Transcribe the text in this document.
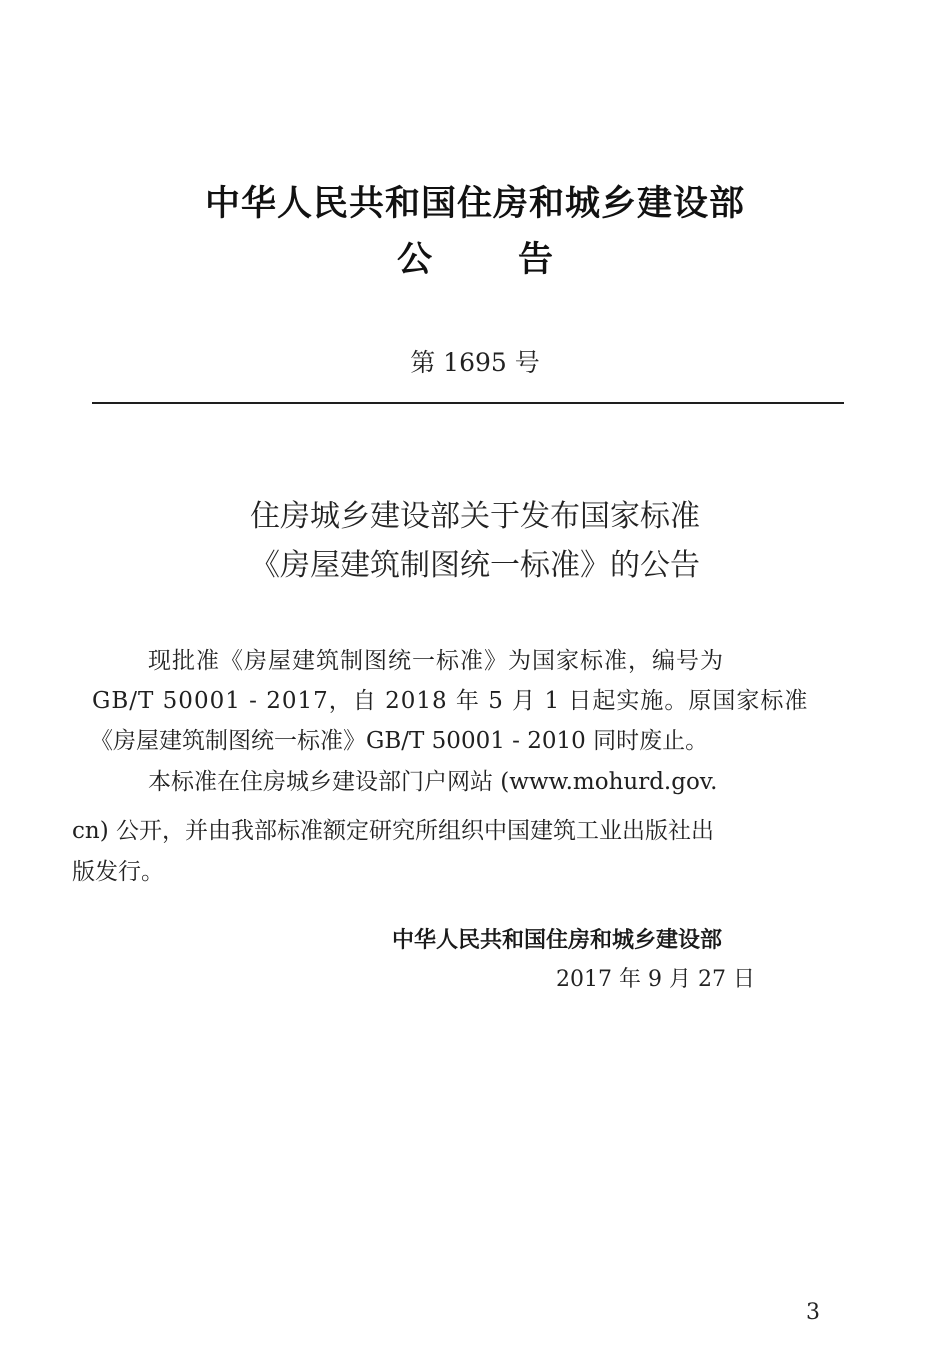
中华人民共和国住房和城乡建设部
公 告
第 1695 号
住房城乡建设部关于发布国家标准
《房屋建筑制图统一标准》的公告
现批准《房屋建筑制图统一标准》为国家标准，编号为
GB/T 50001 - 2017，自 2018 年 5 月 1 日起实施。原国家标准
《房屋建筑制图统一标准》GB/T 50001 - 2010 同时废止。
本标准在住房城乡建设部门户网站 (www.mohurd.gov.
cn) 公开，并由我部标准额定研究所组织中国建筑工业出版社出
版发行。
中华人民共和国住房和城乡建设部
2017 年 9 月 27 日
3
